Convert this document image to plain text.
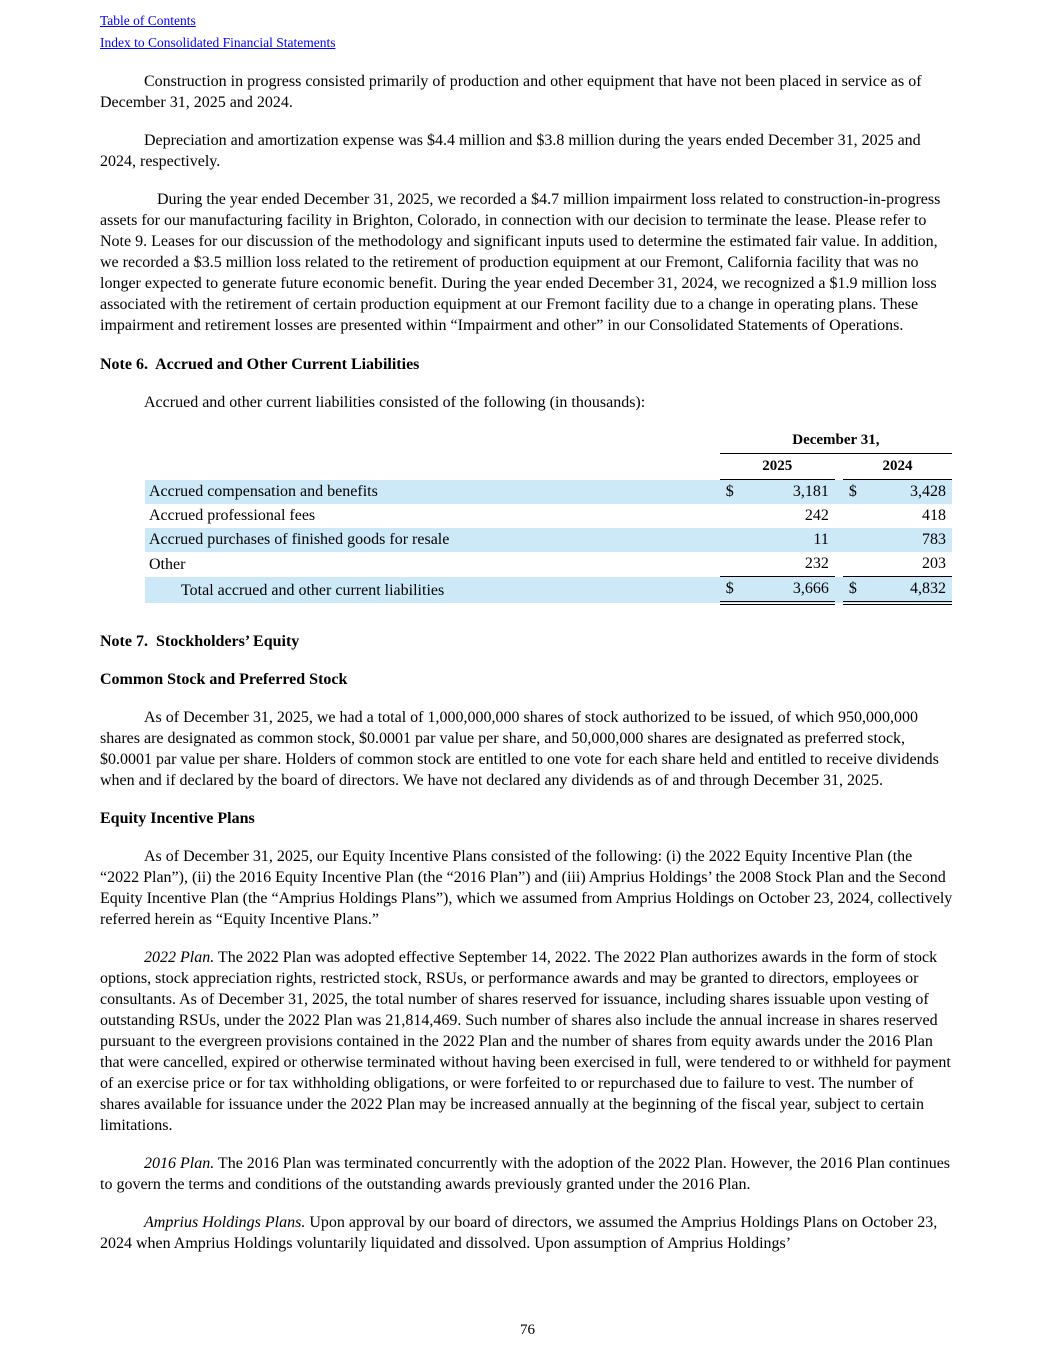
Table of Contents
Index to Consolidated Financial Statements

Construction in progress consisted primarily of production and other equipment that have not been placed in service as of December 31, 2025 and 2024.

Depreciation and amortization expense was $4.4 million and $3.8 million during the years ended December 31, 2025 and 2024, respectively.

During the year ended December 31, 2025, we recorded a $4.7 million impairment loss related to construction-in-progress assets for our manufacturing facility in Brighton, Colorado, in connection with our decision to terminate the lease. Please refer to Note 9. Leases for our discussion of the methodology and significant inputs used to determine the estimated fair value. In addition, we recorded a $3.5 million loss related to the retirement of production equipment at our Fremont, California facility that was no longer expected to generate future economic benefit. During the year ended December 31, 2024, we recognized a $1.9 million loss associated with the retirement of certain production equipment at our Fremont facility due to a change in operating plans. These impairment and retirement losses are presented within “Impairment and other” in our Consolidated Statements of Operations.

Note 6.  Accrued and Other Current Liabilities

Accrued and other current liabilities consisted of the following (in thousands):

	December 31,				
	2025			2024	
Accrued compensation and benefits	$	3,181		$	3,428
Accrued professional fees		242			418
Accrued purchases of finished goods for resale		11			783
Other		232			203
Total accrued and other current liabilities	$	3,666		$	4,832
Note 7.  Stockholders’ Equity
Common Stock and Preferred Stock

As of December 31, 2025, we had a total of 1,000,000,000 shares of stock authorized to be issued, of which 950,000,000 shares are designated as common stock, $0.0001 par value per share, and 50,000,000 shares are designated as preferred stock, $0.0001 par value per share. Holders of common stock are entitled to one vote for each share held and entitled to receive dividends when and if declared by the board of directors. We have not declared any dividends as of and through December 31, 2025.

Equity Incentive Plans

As of December 31, 2025, our Equity Incentive Plans consisted of the following: (i) the 2022 Equity Incentive Plan (the “2022 Plan”), (ii) the 2016 Equity Incentive Plan (the “2016 Plan”) and (iii) Amprius Holdings’ the 2008 Stock Plan and the Second Equity Incentive Plan (the “Amprius Holdings Plans”), which we assumed from Amprius Holdings on October 23, 2024, collectively referred herein as “Equity Incentive Plans.”

2022 Plan. The 2022 Plan was adopted effective September 14, 2022. The 2022 Plan authorizes awards in the form of stock options, stock appreciation rights, restricted stock, RSUs, or performance awards and may be granted to directors, employees or consultants. As of December 31, 2025, the total number of shares reserved for issuance, including shares issuable upon vesting of outstanding RSUs, under the 2022 Plan was 21,814,469. Such number of shares also include the annual increase in shares reserved pursuant to the evergreen provisions contained in the 2022 Plan and the number of shares from equity awards under the 2016 Plan that were cancelled, expired or otherwise terminated without having been exercised in full, were tendered to or withheld for payment of an exercise price or for tax withholding obligations, or were forfeited to or repurchased due to failure to vest. The number of shares available for issuance under the 2022 Plan may be increased annually at the beginning of the fiscal year, subject to certain limitations.

2016 Plan. The 2016 Plan was terminated concurrently with the adoption of the 2022 Plan. However, the 2016 Plan continues to govern the terms and conditions of the outstanding awards previously granted under the 2016 Plan.

Amprius Holdings Plans. Upon approval by our board of directors, we assumed the Amprius Holdings Plans on October 23, 2024 when Amprius Holdings voluntarily liquidated and dissolved. Upon assumption of Amprius Holdings’

76
